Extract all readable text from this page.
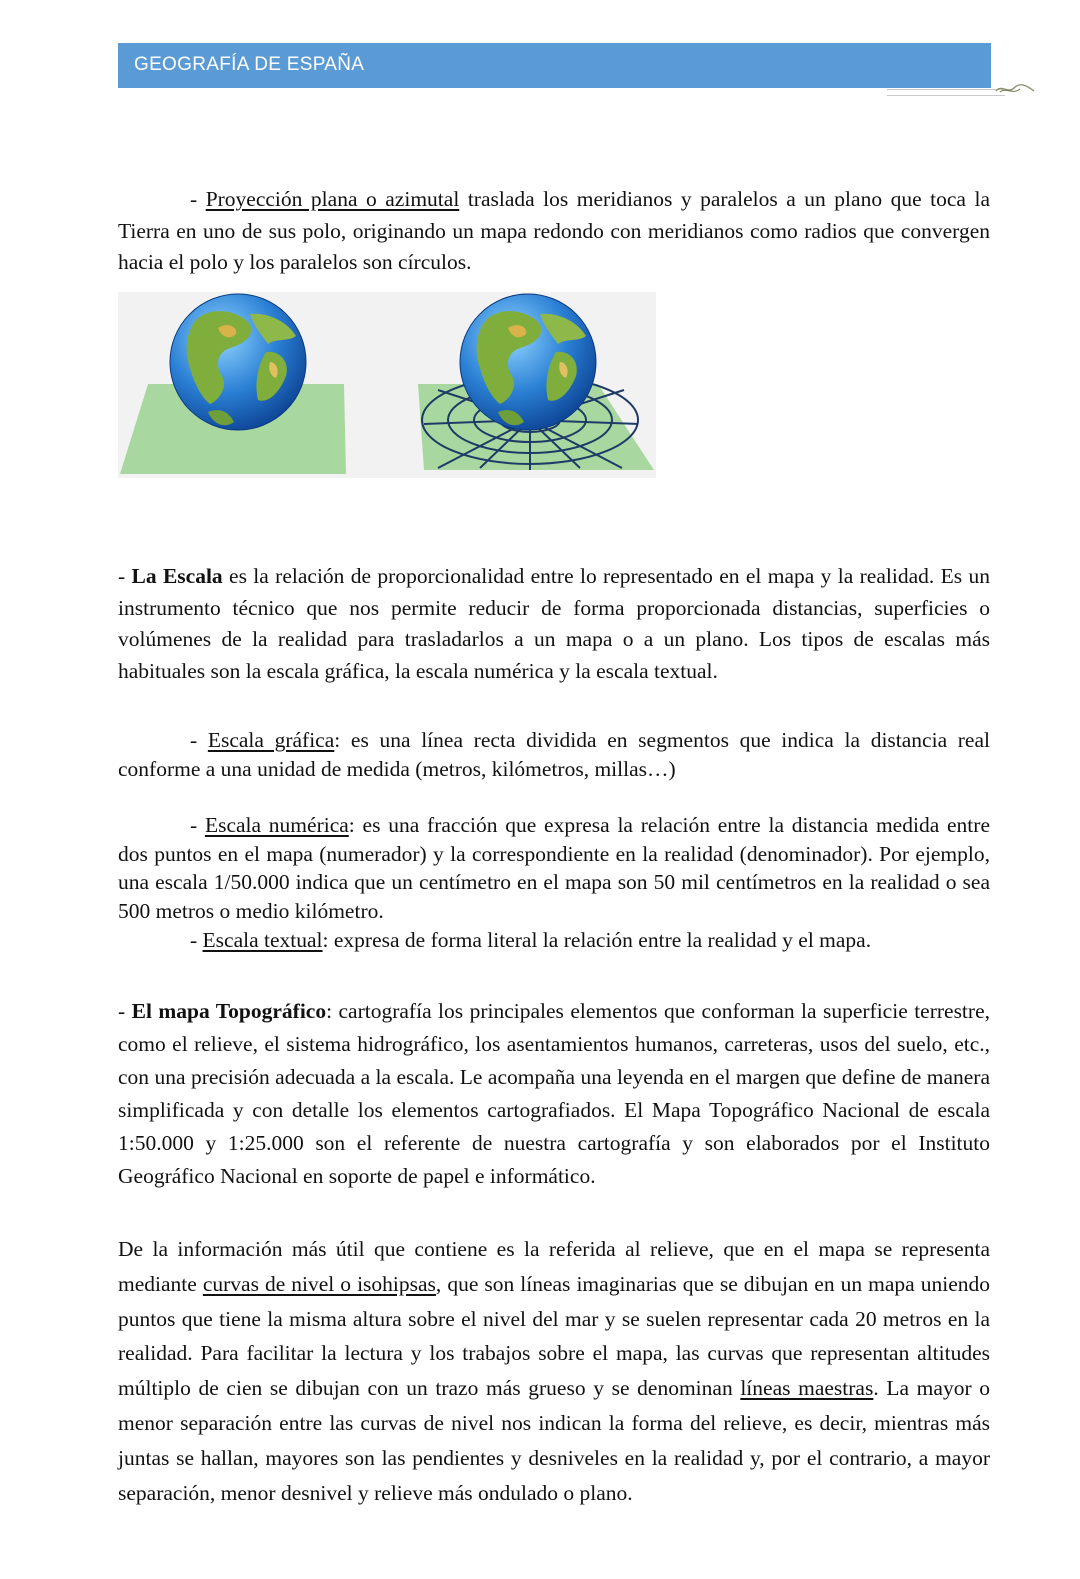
GEOGRAFÍA DE ESPAÑA

- Proyección plana o azimutal traslada los meridianos y paralelos a un plano que toca la Tierra en uno de sus polo, originando un mapa redondo con meridianos como radios que convergen hacia el polo y los paralelos son círculos.

- La Escala es la relación de proporcionalidad entre lo representado en el mapa y la realidad. Es un instrumento técnico que nos permite reducir de forma proporcionada distancias, superficies o volúmenes de la realidad para trasladarlos a un mapa o a un plano. Los tipos de escalas más habituales son la escala gráfica, la escala numérica y la escala textual.

- Escala gráfica: es una línea recta dividida en segmentos que indica la distancia real conforme a una unidad de medida (metros, kilómetros, millas…)

- Escala numérica: es una fracción que expresa la relación entre la distancia medida entre dos puntos en el mapa (numerador) y la correspondiente en la realidad (denominador). Por ejemplo, una escala 1/50.000 indica que un centímetro en el mapa son 50 mil centímetros en la realidad o sea 500 metros o medio kilómetro.

- Escala textual: expresa de forma literal la relación entre la realidad y el mapa.

- El mapa Topográfico: cartografía los principales elementos que conforman la superficie terrestre, como el relieve, el sistema hidrográfico, los asentamientos humanos, carreteras, usos del suelo, etc., con una precisión adecuada a la escala. Le acompaña una leyenda en el margen que define de manera simplificada y con detalle los elementos cartografiados. El Mapa Topográfico Nacional de escala 1:50.000 y 1:25.000 son el referente de nuestra cartografía y son elaborados por el Instituto Geográfico Nacional en soporte de papel e informático.

De la información más útil que contiene es la referida al relieve, que en el mapa se representa mediante curvas de nivel o isohipsas, que son líneas imaginarias que se dibujan en un mapa uniendo puntos que tiene la misma altura sobre el nivel del mar y se suelen representar cada 20 metros en la realidad. Para facilitar la lectura y los trabajos sobre el mapa, las curvas que representan altitudes múltiplo de cien se dibujan con un trazo más grueso y se denominan líneas maestras. La mayor o menor separación entre las curvas de nivel nos indican la forma del relieve, es decir, mientras más juntas se hallan, mayores son las pendientes y desniveles en la realidad y, por el contrario, a mayor separación, menor desnivel y relieve más ondulado o plano.
